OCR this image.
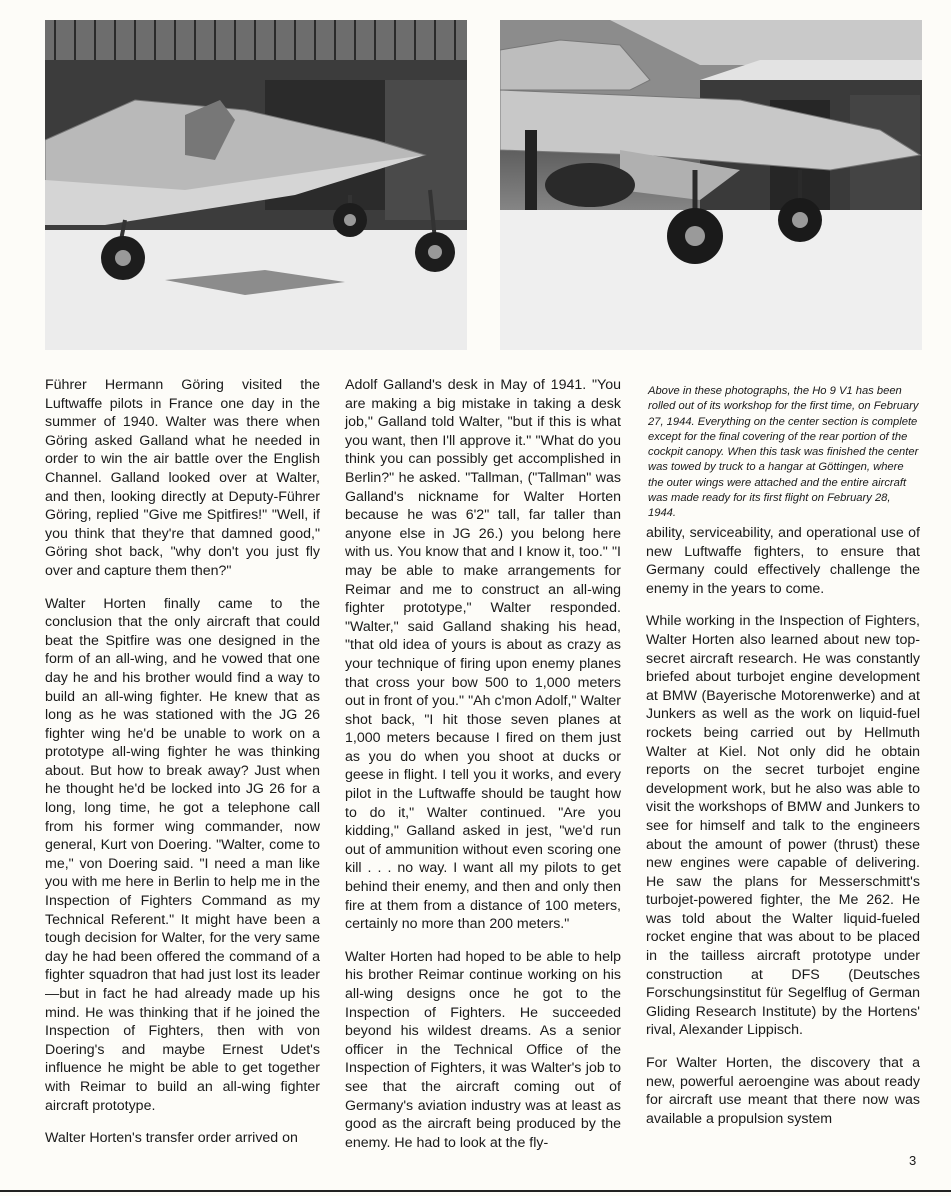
Führer Hermann Göring visited the Luftwaffe pilots in France one day in the summer of 1940. Walter was there when Göring asked Galland what he needed in order to win the air battle over the English Channel. Galland looked over at Walter, and then, looking directly at Deputy-Führer Göring, replied "Give me Spitfires!" "Well, if you think that they're that damned good," Göring shot back, "why don't you just fly over and capture them then?"

Walter Horten finally came to the conclusion that the only aircraft that could beat the Spitfire was one designed in the form of an all-wing, and he vowed that one day he and his brother would find a way to build an all-wing fighter. He knew that as long as he was stationed with the JG 26 fighter wing he'd be unable to work on a prototype all-wing fighter he was thinking about. But how to break away? Just when he thought he'd be locked into JG 26 for a long, long time, he got a telephone call from his former wing commander, now general, Kurt von Doering. "Walter, come to me," von Doering said. "I need a man like you with me here in Berlin to help me in the Inspection of Fighters Command as my Technical Referent." It might have been a tough decision for Walter, for the very same day he had been offered the command of a fighter squadron that had just lost its leader—but in fact he had already made up his mind. He was thinking that if he joined the Inspection of Fighters, then with von Doering's and maybe Ernest Udet's influence he might be able to get together with Reimar to build an all-wing fighter aircraft prototype.

Walter Horten's transfer order arrived on

Adolf Galland's desk in May of 1941. "You are making a big mistake in taking a desk job," Galland told Walter, "but if this is what you want, then I'll approve it." "What do you think you can possibly get accomplished in Berlin?" he asked. "Tallman, ("Tallman" was Galland's nickname for Walter Horten because he was 6'2" tall, far taller than anyone else in JG 26.) you belong here with us. You know that and I know it, too." "I may be able to make arrangements for Reimar and me to construct an all-wing fighter prototype," Walter responded. "Walter," said Galland shaking his head, "that old idea of yours is about as crazy as your technique of firing upon enemy planes that cross your bow 500 to 1,000 meters out in front of you." "Ah c'mon Adolf," Walter shot back, "I hit those seven planes at 1,000 meters because I fired on them just as you do when you shoot at ducks or geese in flight. I tell you it works, and every pilot in the Luftwaffe should be taught how to do it," Walter continued. "Are you kidding," Galland asked in jest, "we'd run out of ammunition without even scoring one kill . . . no way. I want all my pilots to get behind their enemy, and then and only then fire at them from a distance of 100 meters, certainly no more than 200 meters."

Walter Horten had hoped to be able to help his brother Reimar continue working on his all-wing designs once he got to the Inspection of Fighters. He succeeded beyond his wildest dreams. As a senior officer in the Technical Office of the Inspection of Fighters, it was Walter's job to see that the aircraft coming out of Germany's aviation industry was at least as good as the aircraft being produced by the enemy. He had to look at the fly-

Above in these photographs, the Ho 9 V1 has been rolled out of its workshop for the first time, on February 27, 1944. Everything on the center section is complete except for the final covering of the rear portion of the cockpit canopy. When this task was finished the center was towed by truck to a hangar at Göttingen, where the outer wings were attached and the entire aircraft was made ready for its first flight on February 28, 1944.

ability, serviceability, and operational use of new Luftwaffe fighters, to ensure that Germany could effectively challenge the enemy in the years to come.

While working in the Inspection of Fighters, Walter Horten also learned about new top-secret aircraft research. He was constantly briefed about turbojet engine development at BMW (Bayerische Motorenwerke) and at Junkers as well as the work on liquid-fuel rockets being carried out by Hellmuth Walter at Kiel. Not only did he obtain reports on the secret turbojet engine development work, but he also was able to visit the workshops of BMW and Junkers to see for himself and talk to the engineers about the amount of power (thrust) these new engines were capable of delivering. He saw the plans for Messerschmitt's turbojet-powered fighter, the Me 262. He was told about the Walter liquid-fueled rocket engine that was about to be placed in the tailless aircraft prototype under construction at DFS (Deutsches Forschungsinstitut für Segelflug of German Gliding Research Institute) by the Hortens' rival, Alexander Lippisch.

For Walter Horten, the discovery that a new, powerful aeroengine was about ready for aircraft use meant that there now was available a propulsion system

3
